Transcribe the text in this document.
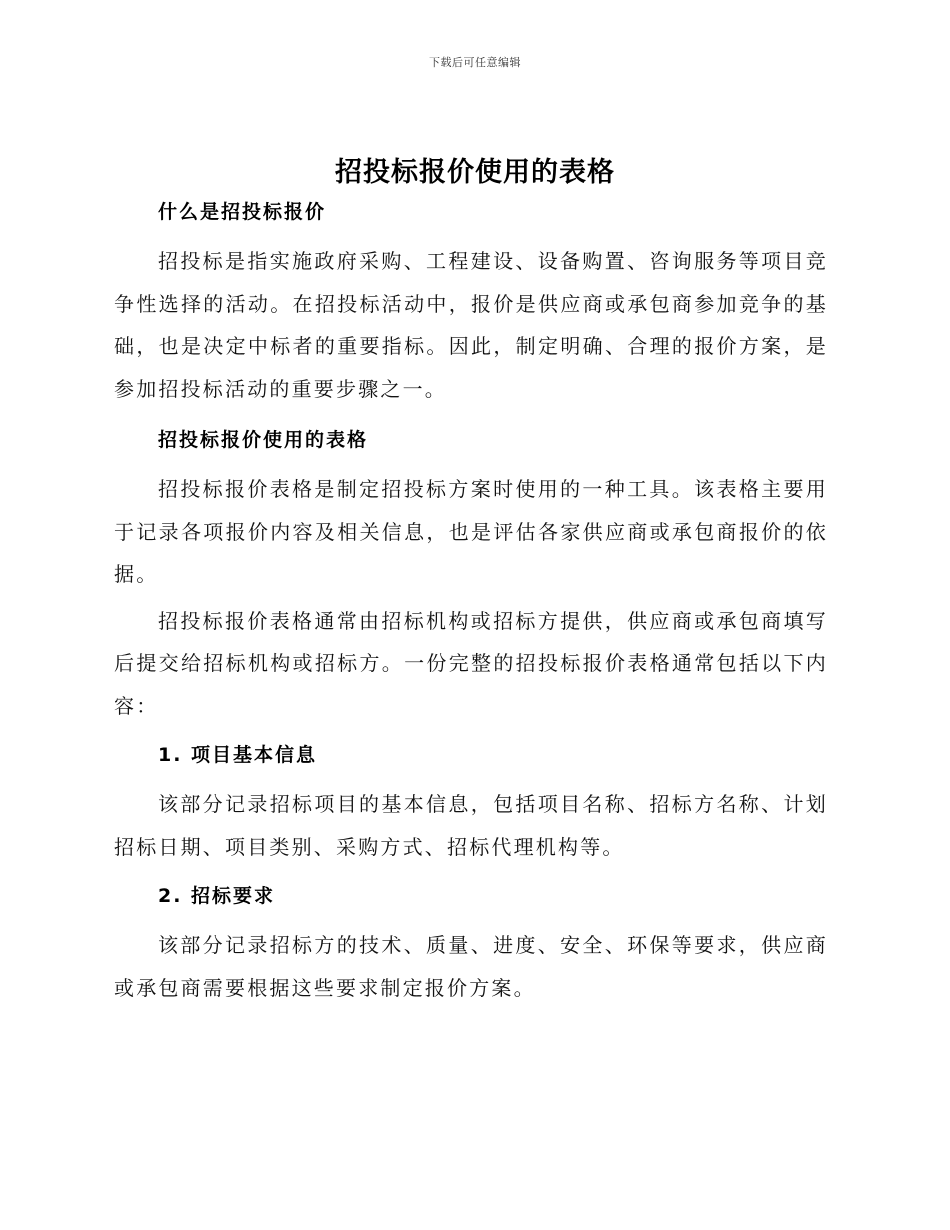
下载后可任意编辑
招投标报价使用的表格

什么是招投标报价

招投标是指实施政府采购、工程建设、设备购置、咨询服务等项目竞争性选择的活动。在招投标活动中，报价是供应商或承包商参加竞争的基础，也是决定中标者的重要指标。因此，制定明确、合理的报价方案，是参加招投标活动的重要步骤之一。

招投标报价使用的表格

招投标报价表格是制定招投标方案时使用的一种工具。该表格主要用于记录各项报价内容及相关信息，也是评估各家供应商或承包商报价的依据。

招投标报价表格通常由招标机构或招标方提供，供应商或承包商填写后提交给招标机构或招标方。一份完整的招投标报价表格通常包括以下内容：

1. 项目基本信息

该部分记录招标项目的基本信息，包括项目名称、招标方名称、计划招标日期、项目类别、采购方式、招标代理机构等。

2. 招标要求

该部分记录招标方的技术、质量、进度、安全、环保等要求，供应商或承包商需要根据这些要求制定报价方案。
